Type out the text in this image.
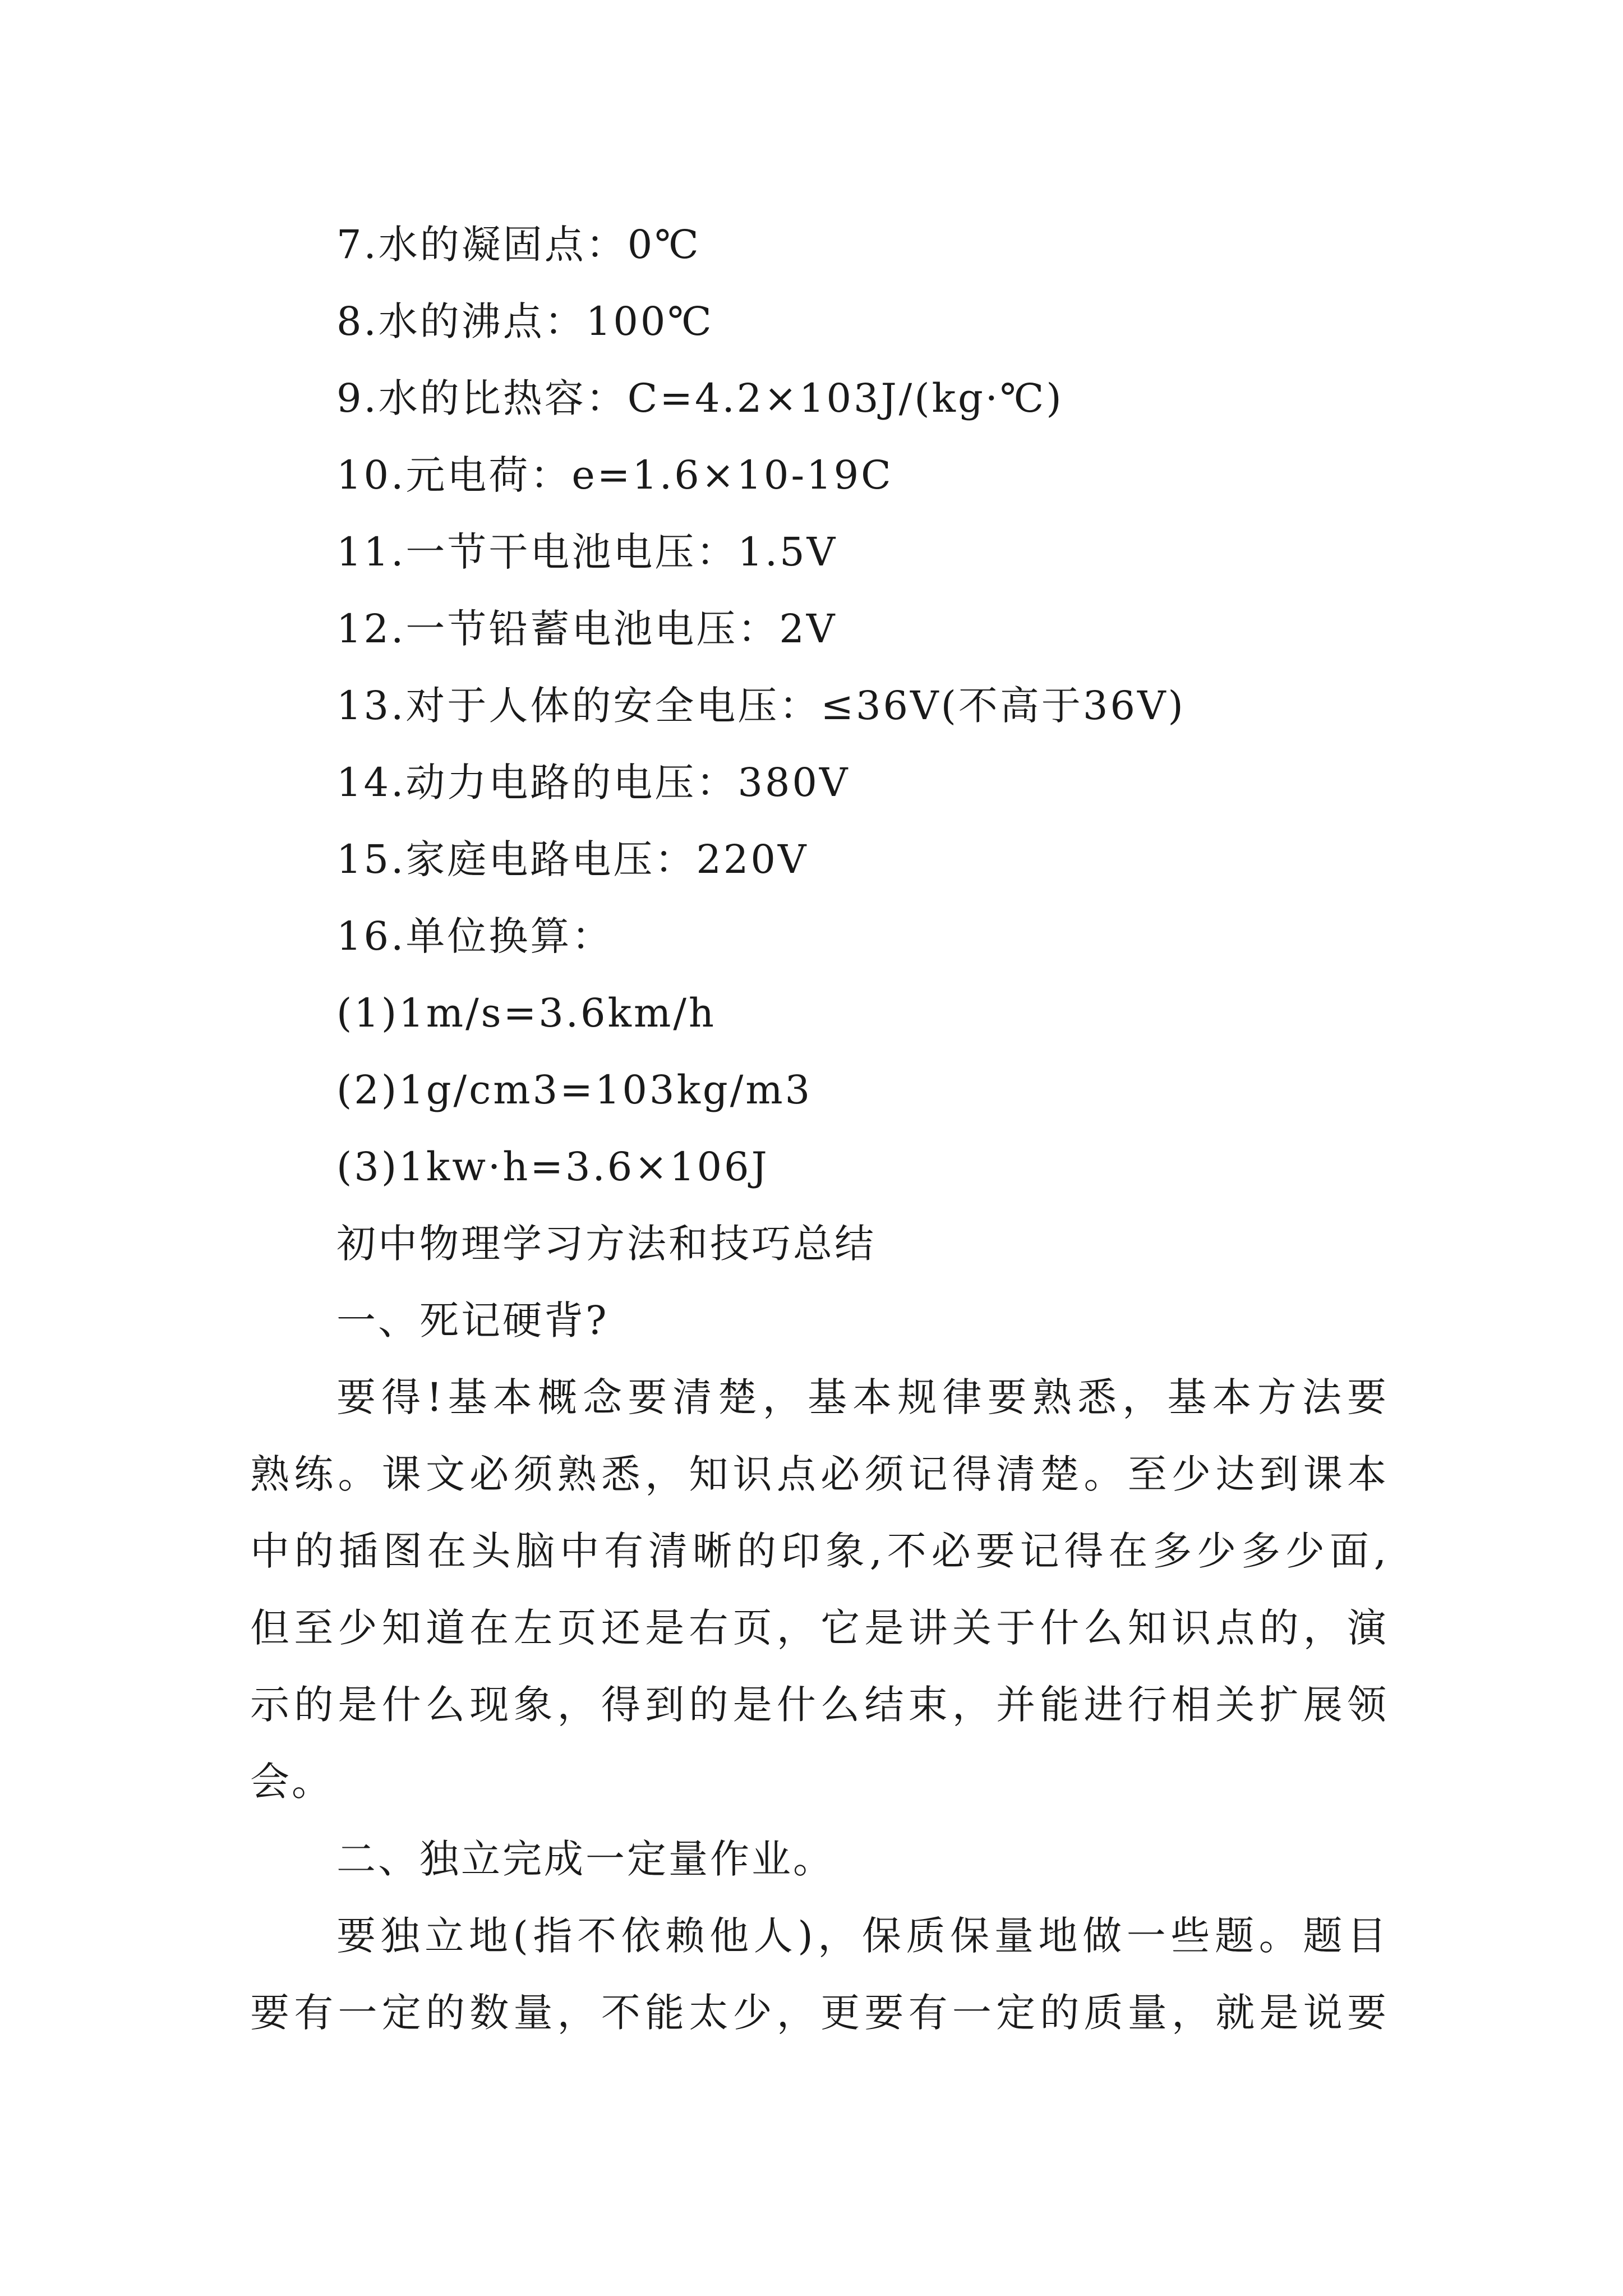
7.水的凝固点：0℃
8.水的沸点：100℃
9.水的比热容：C=4.2×103J/(kg·℃)
10.元电荷：e=1.6×10-19C
11.一节干电池电压：1.5V
12.一节铅蓄电池电压：2V
13.对于人体的安全电压：≤36V(不高于36V)
14.动力电路的电压：380V
15.家庭电路电压：220V
16.单位换算：
(1)1m/s=3.6km/h
(2)1g/cm3=103kg/m3
(3)1kw·h=3.6×106J
初中物理学习方法和技巧总结
一、死记硬背?
要得!基本概念要清楚，基本规律要熟悉，基本方法要
熟练。课文必须熟悉，知识点必须记得清楚。至少达到课本
中的插图在头脑中有清晰的印象,不必要记得在多少多少面,
但至少知道在左页还是右页，它是讲关于什么知识点的，演
示的是什么现象，得到的是什么结束，并能进行相关扩展领
会。
二、独立完成一定量作业。
要独立地(指不依赖他人)，保质保量地做一些题。题目
要有一定的数量，不能太少，更要有一定的质量，就是说要
